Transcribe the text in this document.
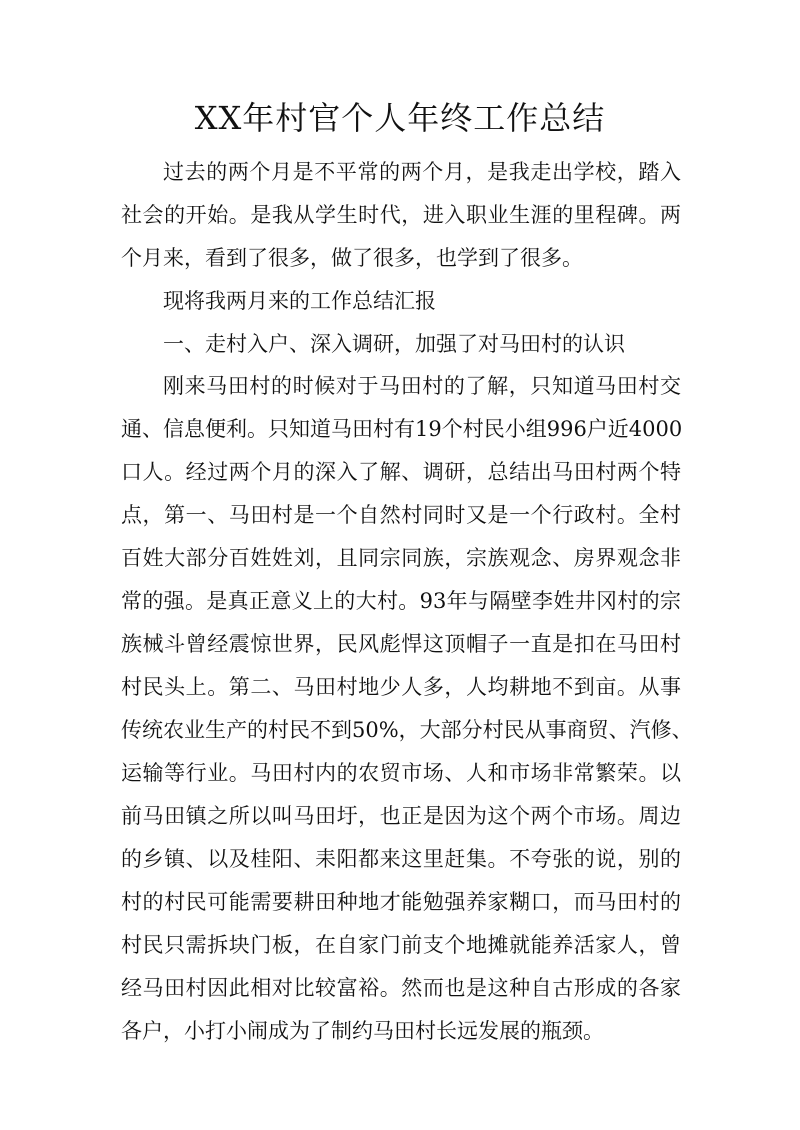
XX年村官个人年终工作总结

过去的两个月是不平常的两个月，是我走出学校，踏入

社会的开始。是我从学生时代，进入职业生涯的里程碑。两

个月来，看到了很多，做了很多，也学到了很多。

现将我两月来的工作总结汇报

一、走村入户、深入调研，加强了对马田村的认识

刚来马田村的时候对于马田村的了解，只知道马田村交

通、信息便利。只知道马田村有19个村民小组996户近4000

口人。经过两个月的深入了解、调研，总结出马田村两个特

点，第一、马田村是一个自然村同时又是一个行政村。全村

百姓大部分百姓姓刘，且同宗同族，宗族观念、房界观念非

常的强。是真正意义上的大村。93年与隔壁李姓井冈村的宗

族械斗曾经震惊世界，民风彪悍这顶帽子一直是扣在马田村

村民头上。第二、马田村地少人多，人均耕地不到亩。从事

传统农业生产的村民不到50%，大部分村民从事商贸、汽修、

运输等行业。马田村内的农贸市场、人和市场非常繁荣。以

前马田镇之所以叫马田圩，也正是因为这个两个市场。周边

的乡镇、以及桂阳、耒阳都来这里赶集。不夸张的说，别的

村的村民可能需要耕田种地才能勉强养家糊口，而马田村的

村民只需拆块门板，在自家门前支个地摊就能养活家人，曾

经马田村因此相对比较富裕。然而也是这种自古形成的各家

各户，小打小闹成为了制约马田村长远发展的瓶颈。
